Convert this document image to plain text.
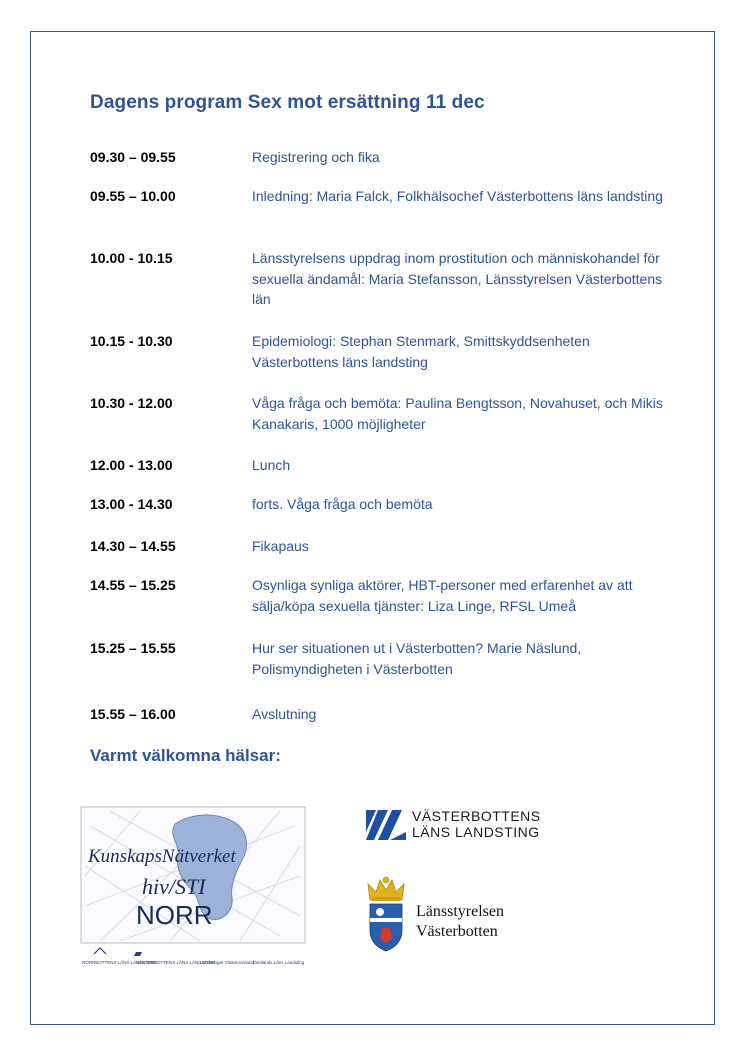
Dagens program Sex mot ersättning 11 dec
09.30 – 09.55	Registrering och fika
09.55 – 10.00	Inledning: Maria Falck, Folkhälsochef Västerbottens läns landsting
10.00 - 10.15	Länsstyrelsens uppdrag inom prostitution och människohandel för sexuella ändamål: Maria Stefansson, Länsstyrelsen Västerbottens län
10.15 - 10.30	Epidemiologi: Stephan Stenmark, Smittskyddsenheten Västerbottens läns landsting
10.30 - 12.00	Våga fråga och bemöta: Paulina Bengtsson, Novahuset, och Mikis Kanakaris, 1000 möjligheter
12.00 - 13.00	Lunch
13.00 - 14.30	forts. Våga fråga och bemöta
14.30 – 14.55	Fikapaus
14.55 – 15.25	Osynliga synliga aktörer, HBT-personer med erfarenhet av att sälja/köpa sexuella tjänster: Liza Linge, RFSL Umeå
15.25 – 15.55	Hur ser situationen ut i Västerbotten? Marie Näslund, Polismyndigheten i Västerbotten
15.55 – 16.00	Avslutning
Varmt välkomna hälsar:
KunskapsNätverket
hiv/STI
NORR
NORRBOTTENS LÄNS LANDSTING
VÄSTERBOTTENS LÄNS LANDSTING
Landstinget Västernorrland
Jämtlands Läns Landsting
VÄSTERBOTTENS
LÄNS LANDSTING
Länsstyrelsen
Västerbotten
